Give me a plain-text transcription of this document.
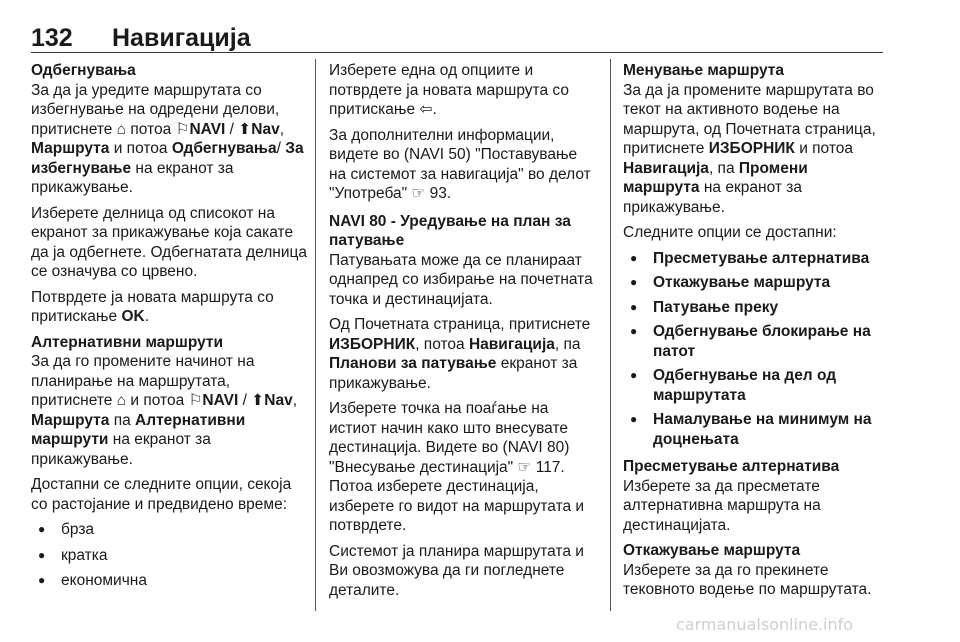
132 Навигација
Одбегнувања

За да ја уредите маршрутата со избегнување на одредени делови, притиснете ⌂ потоа ⚐NAVI / ⬆Nav, Маршрута и потоа Одбегнувања/ За избегнување на екранот за прикажување.

Изберете делница од списокот на екранот за прикажување која сакате да ја одбегнете. Одбегнатата делница се означува со црвено.

Потврдете ја новата маршрута со притискање OK.

Алтернативни маршрути

За да го промените начинот на планирање на маршрутата, притиснете ⌂ и потоа ⚐NAVI / ⬆Nav, Маршрута па Алтернативни маршрути на екранот за прикажување.

Достапни се следните опции, секоја со растојание и предвидено време:

● брза
● кратка
● економична

Изберете една од опциите и потврдете ја новата маршрута со притискање ⇦.

За дополнителни информации, видете во (NAVI 50) "Поставување на системот за навигација" во делот "Употреба" ☞ 93.

NAVI 80 - Уредување на план за патување

Патувањата може да се планираат однапред со избирање на почетната точка и дестинацијата.

Од Почетната страница, притиснете ИЗБОРНИК, потоа Навигација, па Планови за патување екранот за прикажување.

Изберете точка на поаѓање на истиот начин како што внесувате дестинација. Видете во (NAVI 80) "Внесување дестинација" ☞ 117. Потоа изберете дестинација, изберете го видот на маршрутата и потврдете.

Системот ја планира маршрутата и Ви овозможува да ги погледнете деталите.

Менување маршрута

За да ја промените маршрутата во текот на активното водење на маршрута, од Почетната страница, притиснете ИЗБОРНИК и потоа Навигација, па Промени маршрута на екранот за прикажување.

Следните опции се достапни:

● Пресметување алтернатива
● Откажување маршрута
● Патување преку
● Одбегнување блокирање на патот
● Одбегнување на дел од маршрутата
● Намалување на минимум на доцнењата
Пресметување алтернатива

Изберете за да пресметате алтернативна маршрута на дестинацијата.

Откажување маршрута

Изберете за да го прекинете тековното водење по маршрутата.

carmanualsonline.info
